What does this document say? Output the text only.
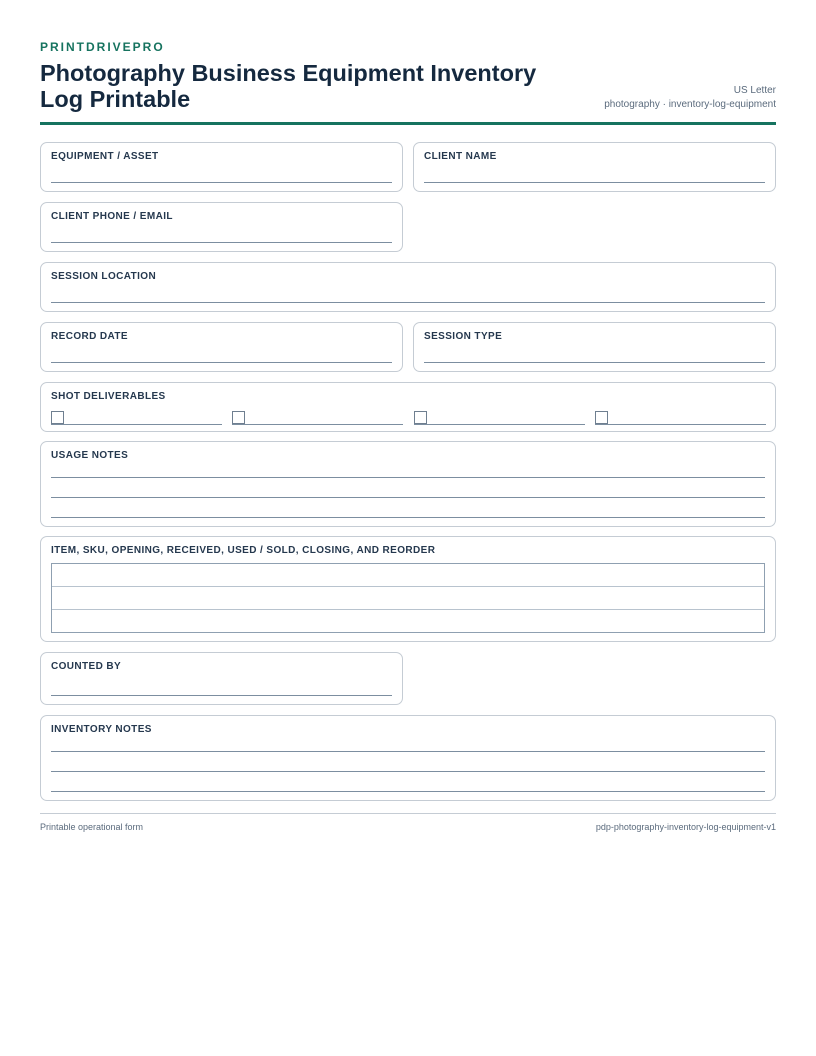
PRINTDRIVEPRO
Photography Business Equipment Inventory Log Printable	US Letter
photography · inventory-log-equipment
EQUIPMENT / ASSET	CLIENT NAME
CLIENT PHONE / EMAIL
SESSION LOCATION
RECORD DATE	SESSION TYPE
SHOT DELIVERABLES
USAGE NOTES
ITEM, SKU, OPENING, RECEIVED, USED / SOLD, CLOSING, AND REORDER
COUNTED BY
INVENTORY NOTES
Printable operational form	pdp-photography-inventory-log-equipment-v1
